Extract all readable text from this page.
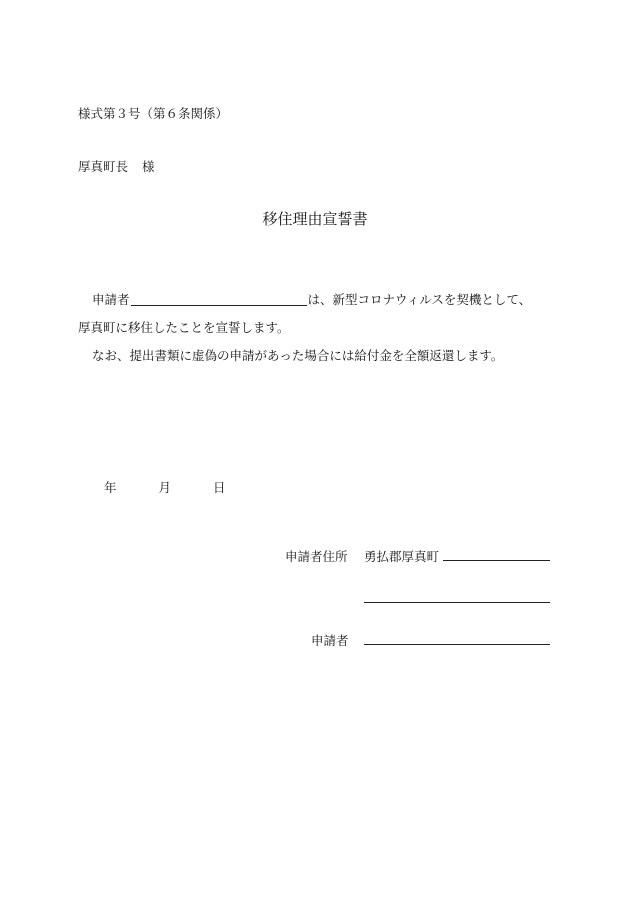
様式第３号（第６条関係）
厚真町長 様
移住理由宣誓書
申請者	は、新型コロナウィルスを契機として、
厚真町に移住したことを宣誓します。
なお、提出書類に虚偽の申請があった場合には給付金を全額返還します。
年	月	日
申請者住所 勇払郡厚真町
申請者
